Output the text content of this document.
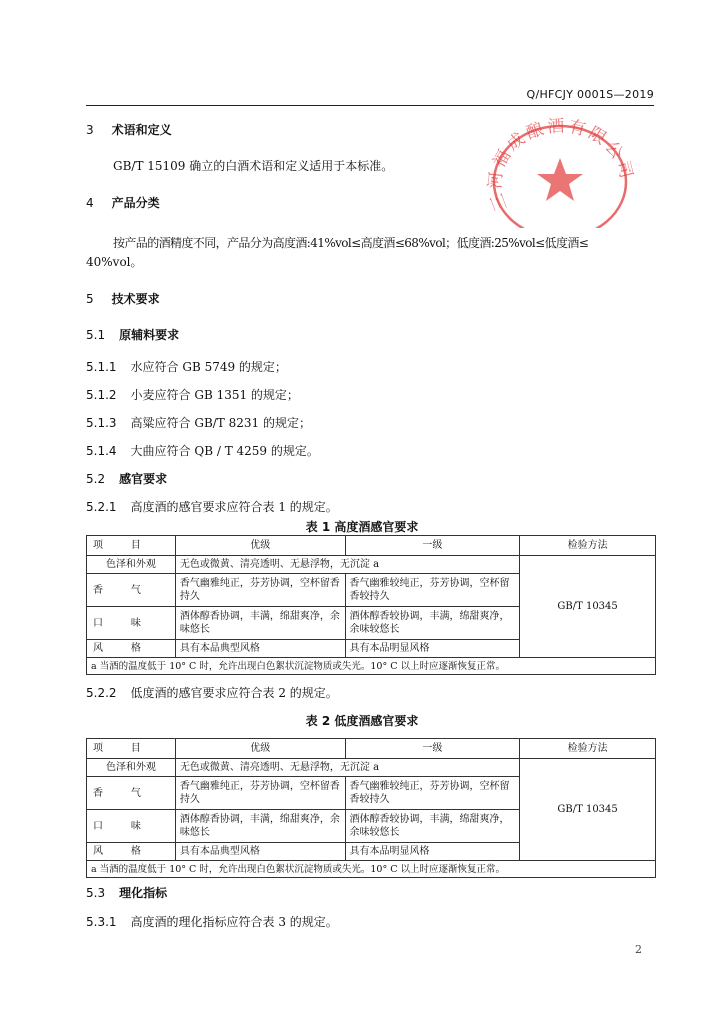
Q/HFCJY 0001S—2019
三河福成酿酒有限公司
3 术语和定义
GB/T 15109 确立的白酒术语和定义适用于本标准。
4 产品分类
按产品的酒精度不同，产品分为高度酒:41%vol≤高度酒≤68%vol；低度酒:25%vol≤低度酒≤
40%vol。
5 技术要求
5.1 原辅料要求
5.1.1 水应符合 GB 5749 的规定；
5.1.2 小麦应符合 GB 1351 的规定；
5.1.3 高粱应符合 GB/T 8231 的规定；
5.1.4 大曲应符合 QB / T 4259 的规定。
5.2 感官要求
5.2.1 高度酒的感官要求应符合表 1 的规定。
表 1 高度酒感官要求
项目	优级	一级	检验方法
色泽和外观	无色或微黄、清亮透明、无悬浮物，无沉淀 a		GB/T 10345
香气	香气幽雅纯正，芬芳协调，空杯留香持久	香气幽雅较纯正，芬芳协调，空杯留香较持久	
口味	酒体醇香协调，丰满，绵甜爽净，余味悠长	酒体醇香较协调，丰满，绵甜爽净，余味较悠长	
风格	具有本品典型风格	具有本品明显风格	
a 当酒的温度低于 10° C 时，允许出现白色絮状沉淀物质或失光。10° C 以上时应逐渐恢复正常。			
5.2.2 低度酒的感官要求应符合表 2 的规定。
表 2 低度酒感官要求
项目	优级	一级	检验方法
色泽和外观	无色或微黄、清亮透明、无悬浮物，无沉淀 a		GB/T 10345
香气	香气幽雅纯正，芬芳协调，空杯留香持久	香气幽雅较纯正，芬芳协调，空杯留香较持久	
口味	酒体醇香协调，丰满，绵甜爽净，余味悠长	酒体醇香较协调，丰满，绵甜爽净，余味较悠长	
风格	具有本品典型风格	具有本品明显风格	
a 当酒的温度低于 10° C 时，允许出现白色絮状沉淀物质或失光。10° C 以上时应逐渐恢复正常。			
5.3 理化指标
5.3.1 高度酒的理化指标应符合表 3 的规定。
2
